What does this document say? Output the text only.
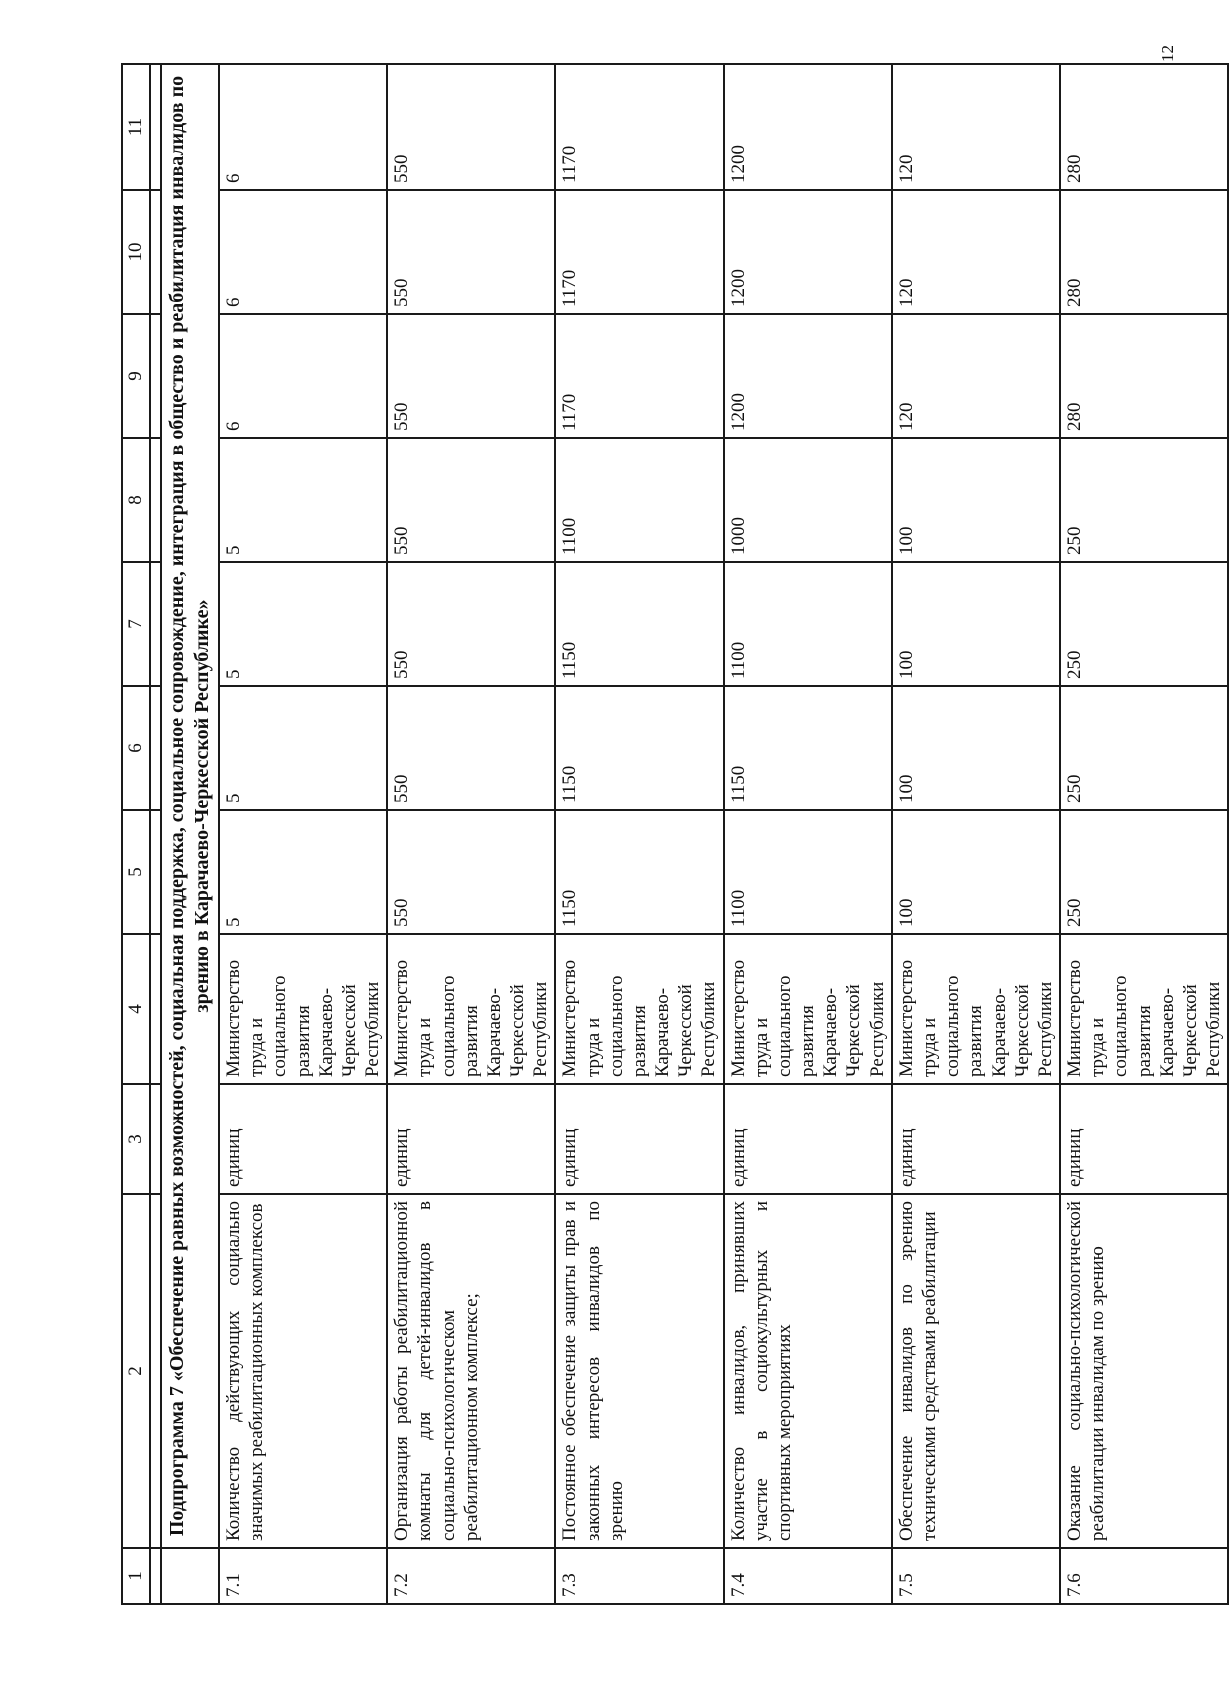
12
1	2	3	4	5	6	7	8	9	10	11

	Подпрограмма 7 «Обеспечение равных возможностей, социальная поддержка, социальное сопровождение, интеграция в общество и реабилитация инвалидов по зрению в Карачаево-Черкесской Республике»									
7.1	Количество действующих социально значимых реабилитационных комплексов	единиц	Министерство труда и социального развития Карачаево-Черкесской Республики	5	5	5	5	6	6	6
7.2	Организация работы реабилитационной комнаты для детей-инвалидов в социально-психологическом реабилитационном комплексе;	единиц	Министерство труда и социального развития Карачаево-Черкесской Республики	550	550	550	550	550	550	550
7.3	Постоянное обеспечение защиты прав и законных интересов инвалидов по зрению	единиц	Министерство труда и социального развития Карачаево-Черкесской Республики	1150	1150	1150	1100	1170	1170	1170
7.4	Количество инвалидов, принявших участие в социокультурных и спортивных мероприятиях	единиц	Министерство труда и социального развития Карачаево-Черкесской Республики	1100	1150	1100	1000	1200	1200	1200
7.5	Обеспечение инвалидов по зрению техническими средствами реабилитации	единиц	Министерство труда и социального развития Карачаево-Черкесской Республики	100	100	100	100	120	120	120
7.6	Оказание социально-психологической реабилитации инвалидам по зрению	единиц	Министерство труда и социального развития Карачаево-Черкесской Республики	250	250	250	250	280	280	280
